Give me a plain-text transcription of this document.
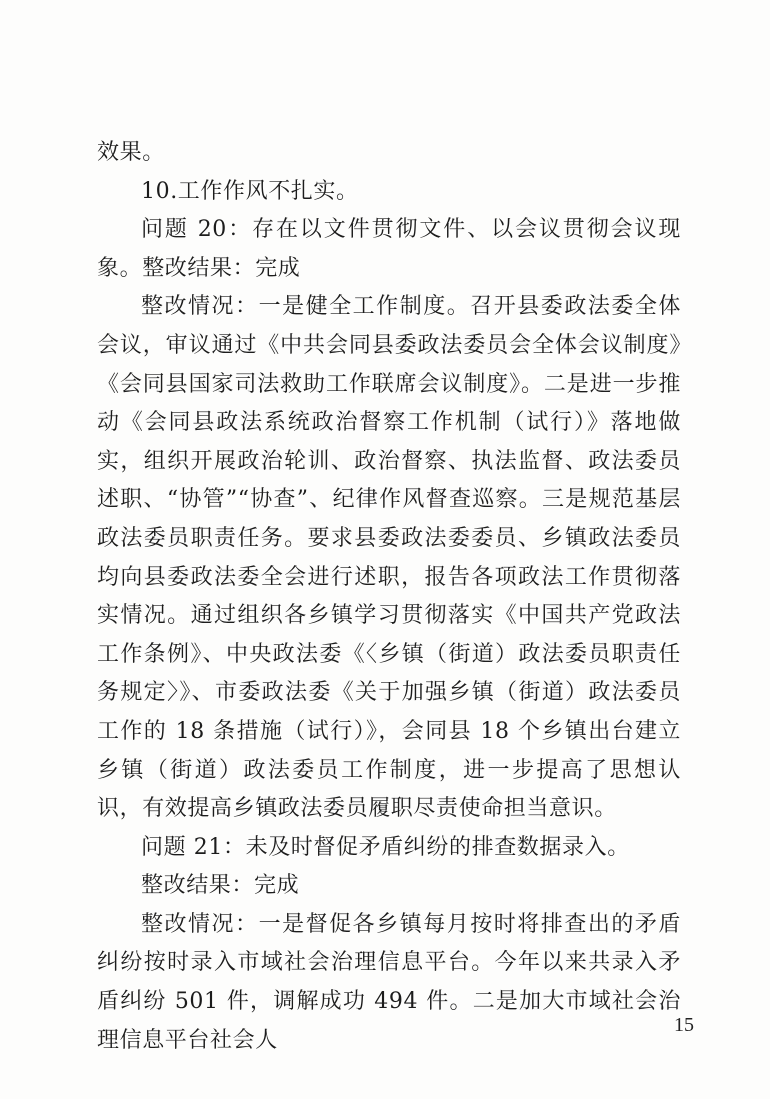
效果。

10.工作作风不扎实。

问题 20：存在以文件贯彻文件、以会议贯彻会议现象。整改结果：完成

整改情况：一是健全工作制度。召开县委政法委全体会议，审议通过《中共会同县委政法委员会全体会议制度》《会同县国家司法救助工作联席会议制度》。二是进一步推动《会同县政法系统政治督察工作机制（试行）》落地做实，组织开展政治轮训、政治督察、执法监督、政法委员述职、“协管”“协查”、纪律作风督查巡察。三是规范基层政法委员职责任务。要求县委政法委委员、乡镇政法委员均向县委政法委全会进行述职，报告各项政法工作贯彻落实情况。通过组织各乡镇学习贯彻落实《中国共产党政法工作条例》、中央政法委《〈乡镇（街道）政法委员职责任务规定〉》、市委政法委《关于加强乡镇（街道）政法委员工作的 18 条措施（试行）》，会同县 18 个乡镇出台建立乡镇（街道）政法委员工作制度，进一步提高了思想认识，有效提高乡镇政法委员履职尽责使命担当意识。

问题 21：未及时督促矛盾纠纷的排查数据录入。

整改结果：完成

整改情况：一是督促各乡镇每月按时将排查出的矛盾纠纷按时录入市域社会治理信息平台。今年以来共录入矛盾纠纷 501 件，调解成功 494 件。二是加大市域社会治理信息平台社会人

15
